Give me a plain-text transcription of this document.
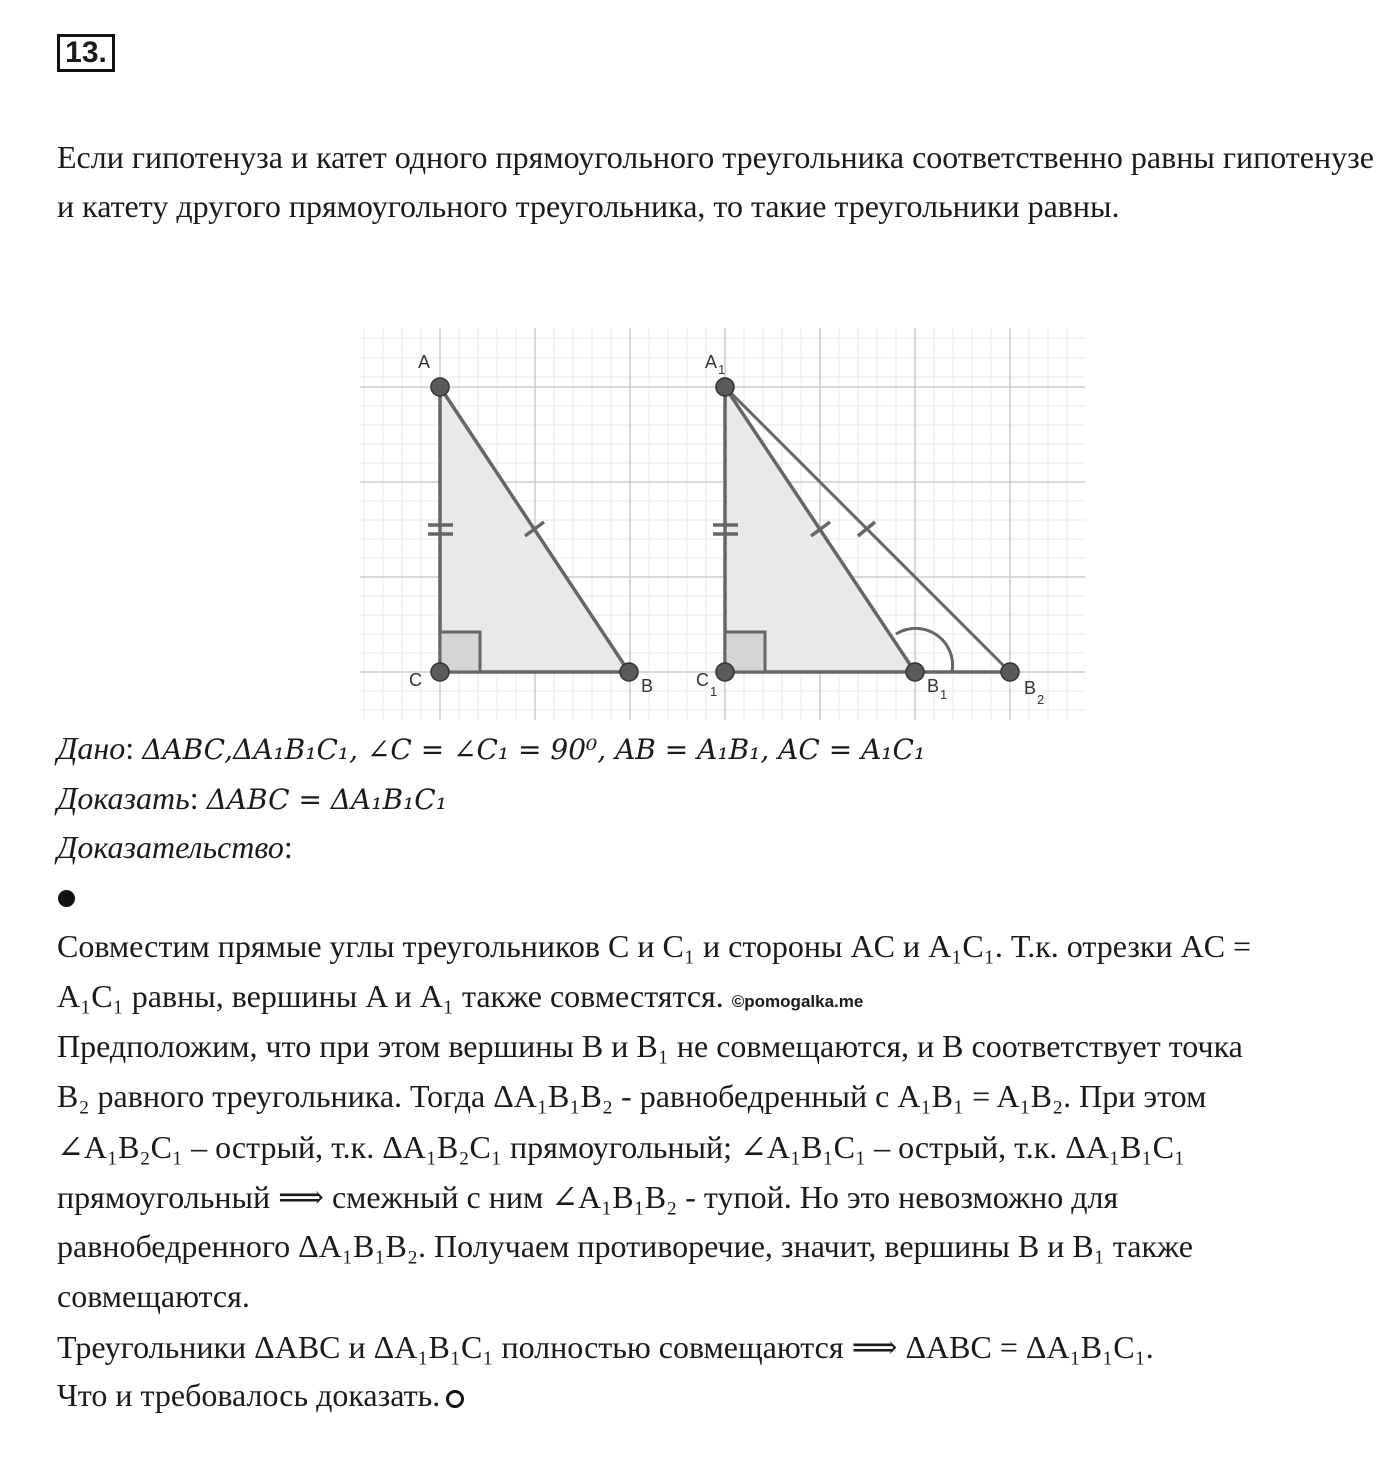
13.
Если гипотенуза и катет одного прямоугольного треугольника соответственно равны гипотенузе и катету другого прямоугольного треугольника, то такие треугольники равны.
A
C	B
A 1
C
1	B 1	B
2
Дано: ΔABC,ΔA₁B₁C₁, ∠C = ∠C₁ = 90⁰, AB = A₁B₁, AC = A₁C₁
Доказать: ΔABC = ΔA₁B₁C₁
Доказательство:
Совместим прямые углы треугольников C и C₁ и стороны AC и A₁C₁. Т.к. отрезки AC =
A₁C₁ равны, вершины A и A₁ также совместятся. ©pomogalka.me
Предположим, что при этом вершины B и B₁ не совмещаются, и B соответствует точка
B₂ равного треугольника. Тогда ΔA₁B₁B₂ - равнобедренный с A₁B₁ = A₁B₂. При этом
∠A₁B₂C₁ – острый, т.к. ΔA₁B₂C₁ прямоугольный; ∠A₁B₁C₁ – острый, т.к. ΔA₁B₁C₁
прямоугольный ⟹ смежный с ним ∠A₁B₁B₂ - тупой. Но это невозможно для
равнобедренного ΔA₁B₁B₂. Получаем противоречие, значит, вершины B и B₁ также
совмещаются.
Треугольники ΔABC и ΔA₁B₁C₁ полностью совмещаются ⟹ ΔABC = ΔA₁B₁C₁.
Что и требовалось доказать.
